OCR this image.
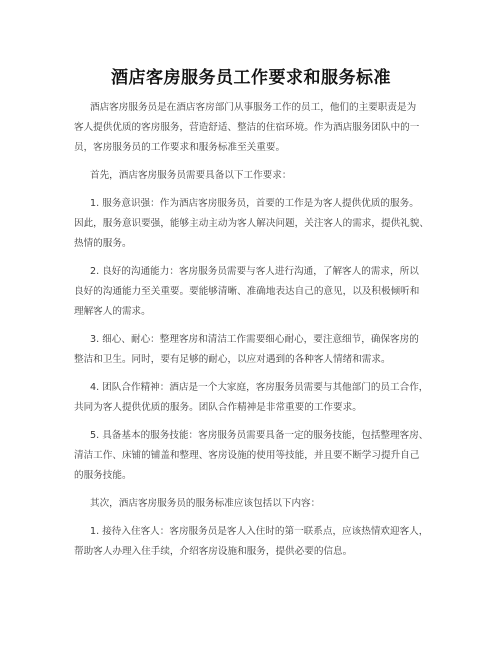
酒店客房服务员工作要求和服务标准

酒店客房服务员是在酒店客房部门从事服务工作的员工，他们的主要职责是为
客人提供优质的客房服务，营造舒适、整洁的住宿环境。作为酒店服务团队中的一
员，客房服务员的工作要求和服务标准至关重要。

首先，酒店客房服务员需要具备以下工作要求：

1. 服务意识强：作为酒店客房服务员，首要的工作是为客人提供优质的服务。
因此，服务意识要强，能够主动主动为客人解决问题，关注客人的需求，提供礼貌、
热情的服务。

2. 良好的沟通能力：客房服务员需要与客人进行沟通，了解客人的需求，所以
良好的沟通能力至关重要。要能够清晰、准确地表达自己的意见，以及积极倾听和
理解客人的需求。

3. 细心、耐心：整理客房和清洁工作需要细心耐心，要注意细节，确保客房的
整洁和卫生。同时，要有足够的耐心，以应对遇到的各种客人情绪和需求。

4. 团队合作精神：酒店是一个大家庭，客房服务员需要与其他部门的员工合作，
共同为客人提供优质的服务。团队合作精神是非常重要的工作要求。

5. 具备基本的服务技能：客房服务员需要具备一定的服务技能，包括整理客房、
清洁工作、床铺的铺盖和整理、客房设施的使用等技能，并且要不断学习提升自己
的服务技能。

其次，酒店客房服务员的服务标准应该包括以下内容：

1. 接待入住客人：客房服务员是客人入住时的第一联系点，应该热情欢迎客人，
帮助客人办理入住手续，介绍客房设施和服务，提供必要的信息。
